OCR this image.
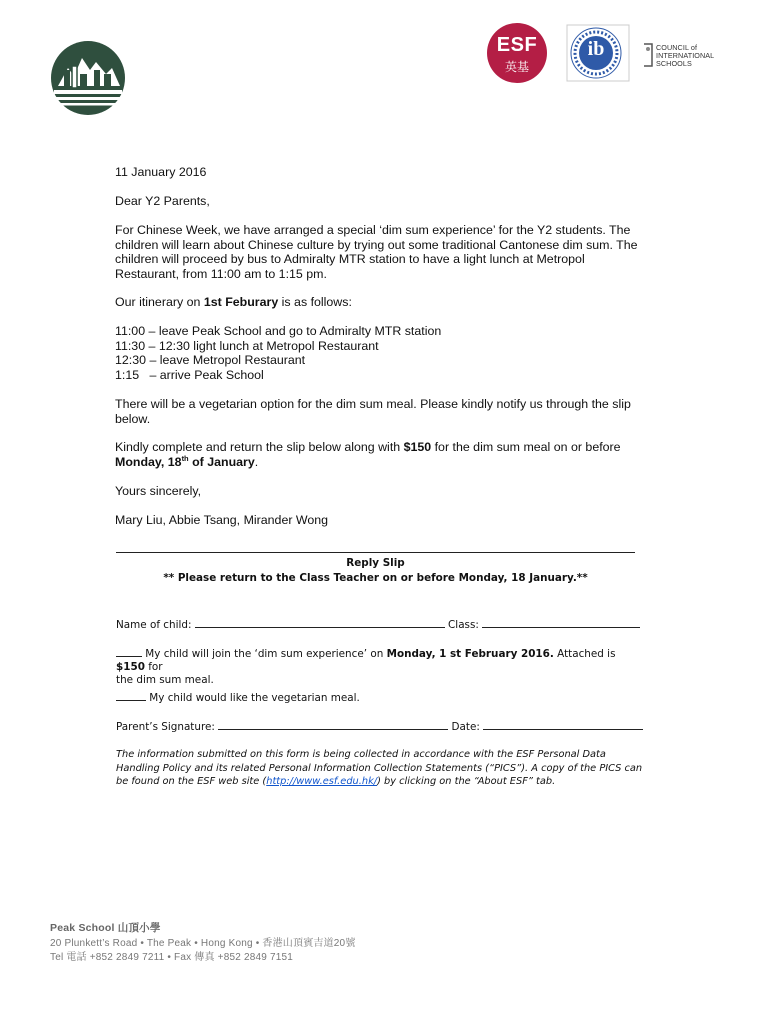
ESF
英基
ib	COUNCIL of
INTERNATIONAL
SCHOOLS
11 January 2016
Dear Y2 Parents,
For Chinese Week, we have arranged a special ‘dim sum experience’ for the Y2 students. The children will learn about Chinese culture by trying out some traditional Cantonese dim sum. The children will proceed by bus to Admiralty MTR station to have a light lunch at Metropol Restaurant, from 11:00 am to 1:15 pm.
Our itinerary on 1st Feburary is as follows:
11:00 – leave Peak School and go to Admiralty MTR station
11:30 – 12:30 light lunch at Metropol Restaurant
12:30 – leave Metropol Restaurant
1:15   – arrive Peak School
There will be a vegetarian option for the dim sum meal. Please kindly notify us through the slip below.
Kindly complete and return the slip below along with $150 for the dim sum meal on or before
Monday, 18th of January.
Yours sincerely,
Mary Liu, Abbie Tsang, Mirander Wong
Reply Slip
** Please return to the Class Teacher on or before Monday, 18 January.**
Name of child:	Class:
My child will join the ‘dim sum experience’ on Monday, 1 st February 2016. Attached is $150 for
the dim sum meal.
My child would like the vegetarian meal.
Parent’s Signature:	Date:
The information submitted on this form is being collected in accordance with the ESF Personal Data Handling Policy and its related Personal Information Collection Statements (“PICS”). A copy of the PICS can be found on the ESF web site (http://www.esf.edu.hk/) by clicking on the “About ESF” tab.
Peak School 山頂小學
20 Plunkett’s Road • The Peak • Hong Kong • 香港山頂賓吉道20號
Tel 電話 +852 2849 7211 • Fax 傳真 +852 2849 7151
